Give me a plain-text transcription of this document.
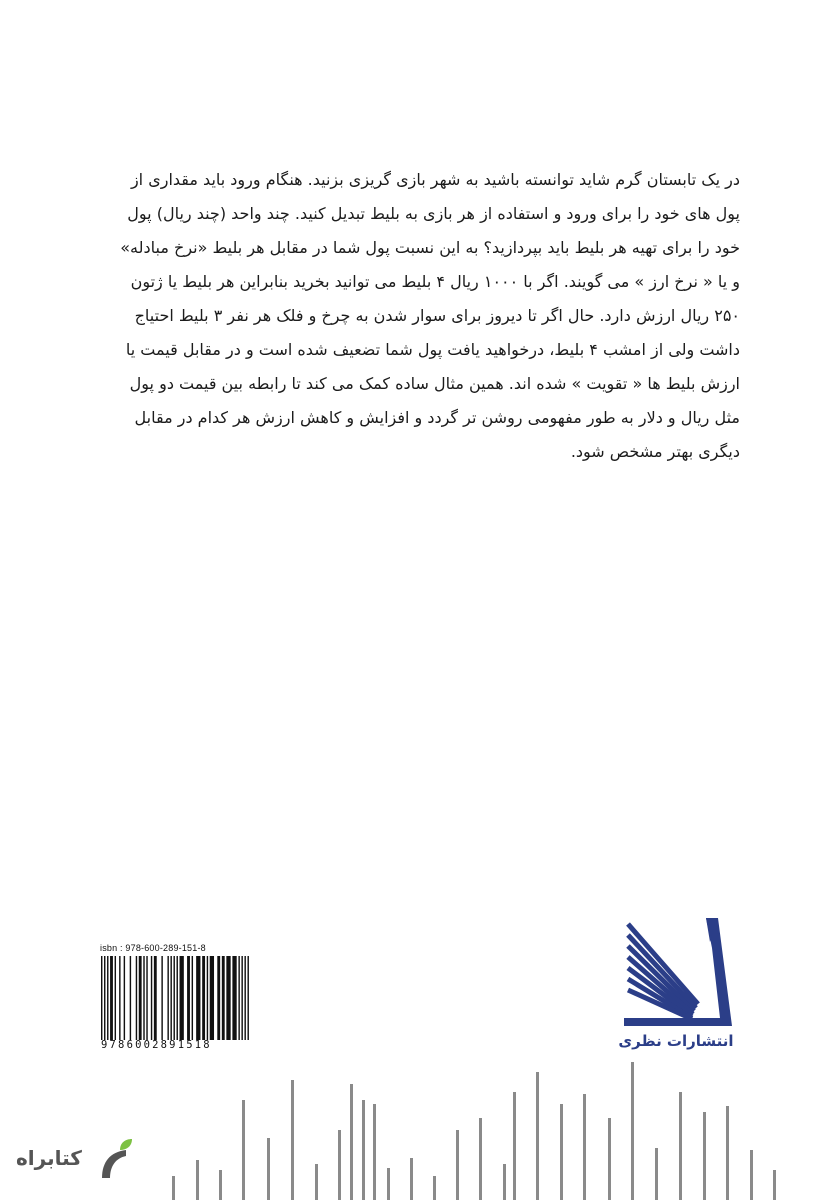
در یک تابستان گرم شاید توانسته باشید به شهر بازی گریزی بزنید. هنگام ورود باید مقداری از
پول های خود را برای ورود و استفاده از هر بازی به بلیط تبدیل کنید. چند واحد (چند ریال) پول
خود را برای تهیه هر بلیط باید بپردازید؟ به این نسبت پول شما در مقابل هر بلیط «نرخ مبادله»
و یا « نرخ ارز » می گویند. اگر با ۱۰۰۰ ریال ۴ بلیط می توانید بخرید بنابراین هر بلیط یا ژتون
۲۵۰ ریال ارزش دارد. حال اگر تا دیروز برای سوار شدن به چرخ و فلک هر نفر ۳ بلیط احتیاج
داشت ولی از امشب ۴ بلیط، درخواهید یافت پول شما تضعیف شده است و در مقابل قیمت یا
ارزش بلیط ها « تقویت » شده اند. همین مثال ساده کمک می کند تا رابطه بین قیمت دو پول
مثل ریال و دلار به طور مفهومی روشن تر گردد و افزایش و کاهش ارزش هر کدام در مقابل
دیگری بهتر مشخص شود.
isbn : 978-600-289-151-8
9786002891518	انتشارات نظری
کتابراه
